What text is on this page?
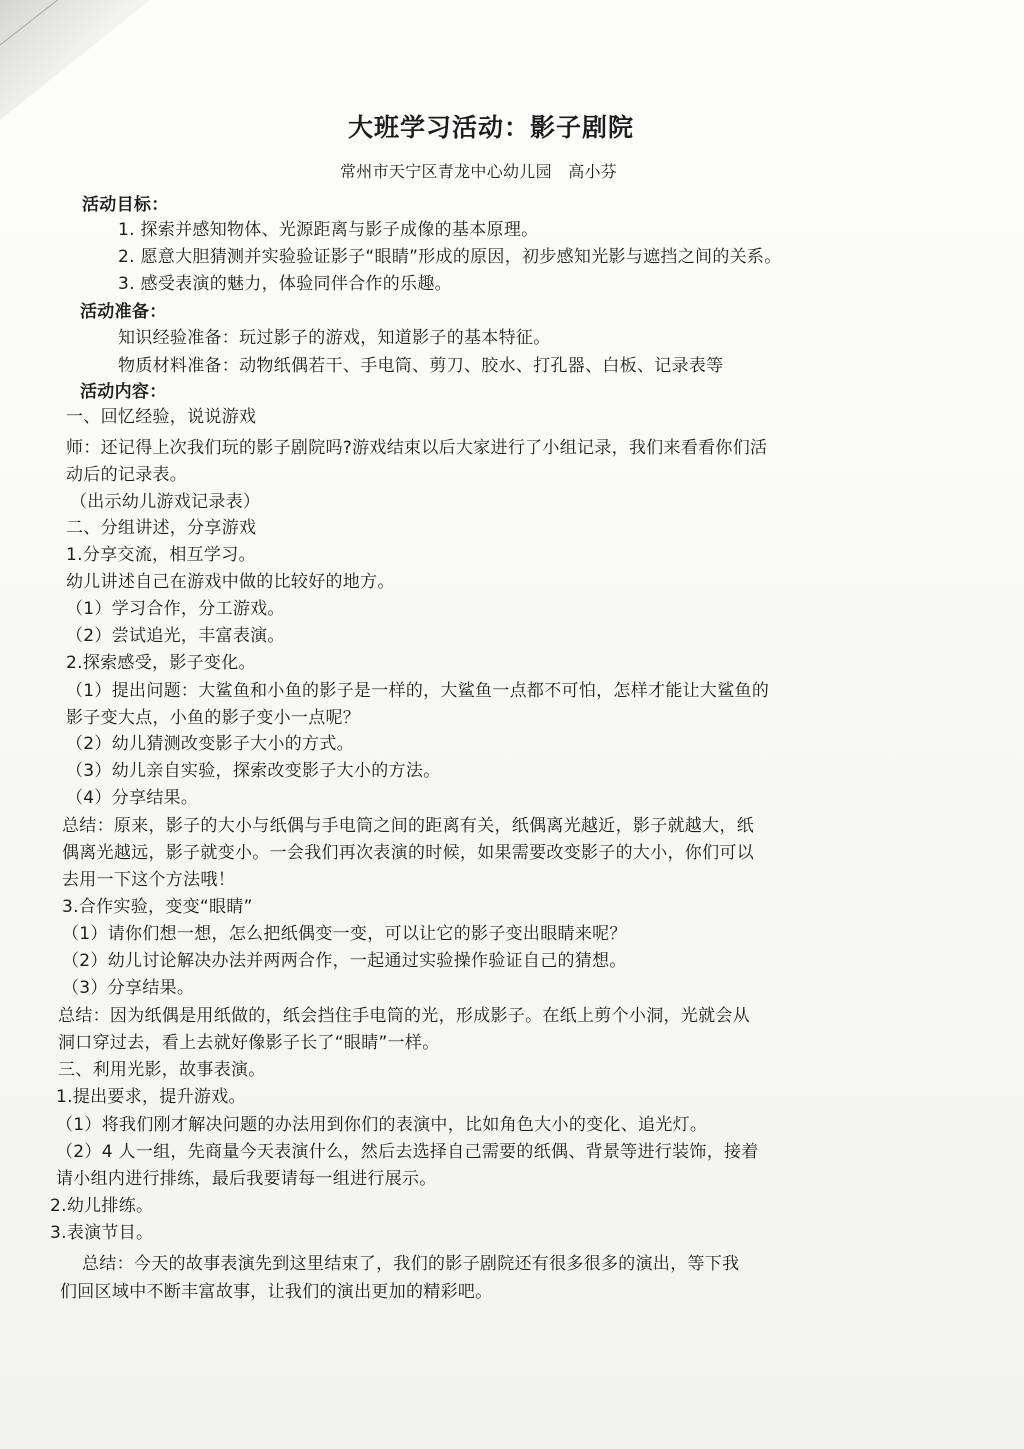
大班学习活动：影子剧院
常州市天宁区青龙中心幼儿园　高小芬
活动目标：
1. 探索并感知物体、光源距离与影子成像的基本原理。
2. 愿意大胆猜测并实验验证影子“眼睛”形成的原因，初步感知光影与遮挡之间的关系。
3. 感受表演的魅力，体验同伴合作的乐趣。
活动准备：
知识经验准备：玩过影子的游戏，知道影子的基本特征。
物质材料准备：动物纸偶若干、手电筒、剪刀、胶水、打孔器、白板、记录表等
活动内容：
一、回忆经验，说说游戏
师：还记得上次我们玩的影子剧院吗?游戏结束以后大家进行了小组记录，我们来看看你们活
动后的记录表。
（出示幼儿游戏记录表）
二、分组讲述，分享游戏
1.分享交流，相互学习。
幼儿讲述自己在游戏中做的比较好的地方。
（1）学习合作，分工游戏。
（2）尝试追光，丰富表演。
2.探索感受，影子变化。
（1）提出问题：大鲨鱼和小鱼的影子是一样的，大鲨鱼一点都不可怕，怎样才能让大鲨鱼的
影子变大点，小鱼的影子变小一点呢？
（2）幼儿猜测改变影子大小的方式。
（3）幼儿亲自实验，探索改变影子大小的方法。
（4）分享结果。
总结：原来，影子的大小与纸偶与手电筒之间的距离有关，纸偶离光越近，影子就越大，纸
偶离光越远，影子就变小。一会我们再次表演的时候，如果需要改变影子的大小，你们可以
去用一下这个方法哦！
3.合作实验，变变“眼睛”
（1）请你们想一想，怎么把纸偶变一变，可以让它的影子变出眼睛来呢？
（2）幼儿讨论解决办法并两两合作，一起通过实验操作验证自己的猜想。
（3）分享结果。
总结：因为纸偶是用纸做的，纸会挡住手电筒的光，形成影子。在纸上剪个小洞，光就会从
洞口穿过去，看上去就好像影子长了“眼睛”一样。
三、利用光影，故事表演。
1.提出要求，提升游戏。
（1）将我们刚才解决问题的办法用到你们的表演中，比如角色大小的变化、追光灯。
（2）4 人一组，先商量今天表演什么，然后去选择自己需要的纸偶、背景等进行装饰，接着
请小组内进行排练，最后我要请每一组进行展示。
2.幼儿排练。
3.表演节目。
总结：今天的故事表演先到这里结束了，我们的影子剧院还有很多很多的演出，等下我
们回区域中不断丰富故事，让我们的演出更加的精彩吧。
